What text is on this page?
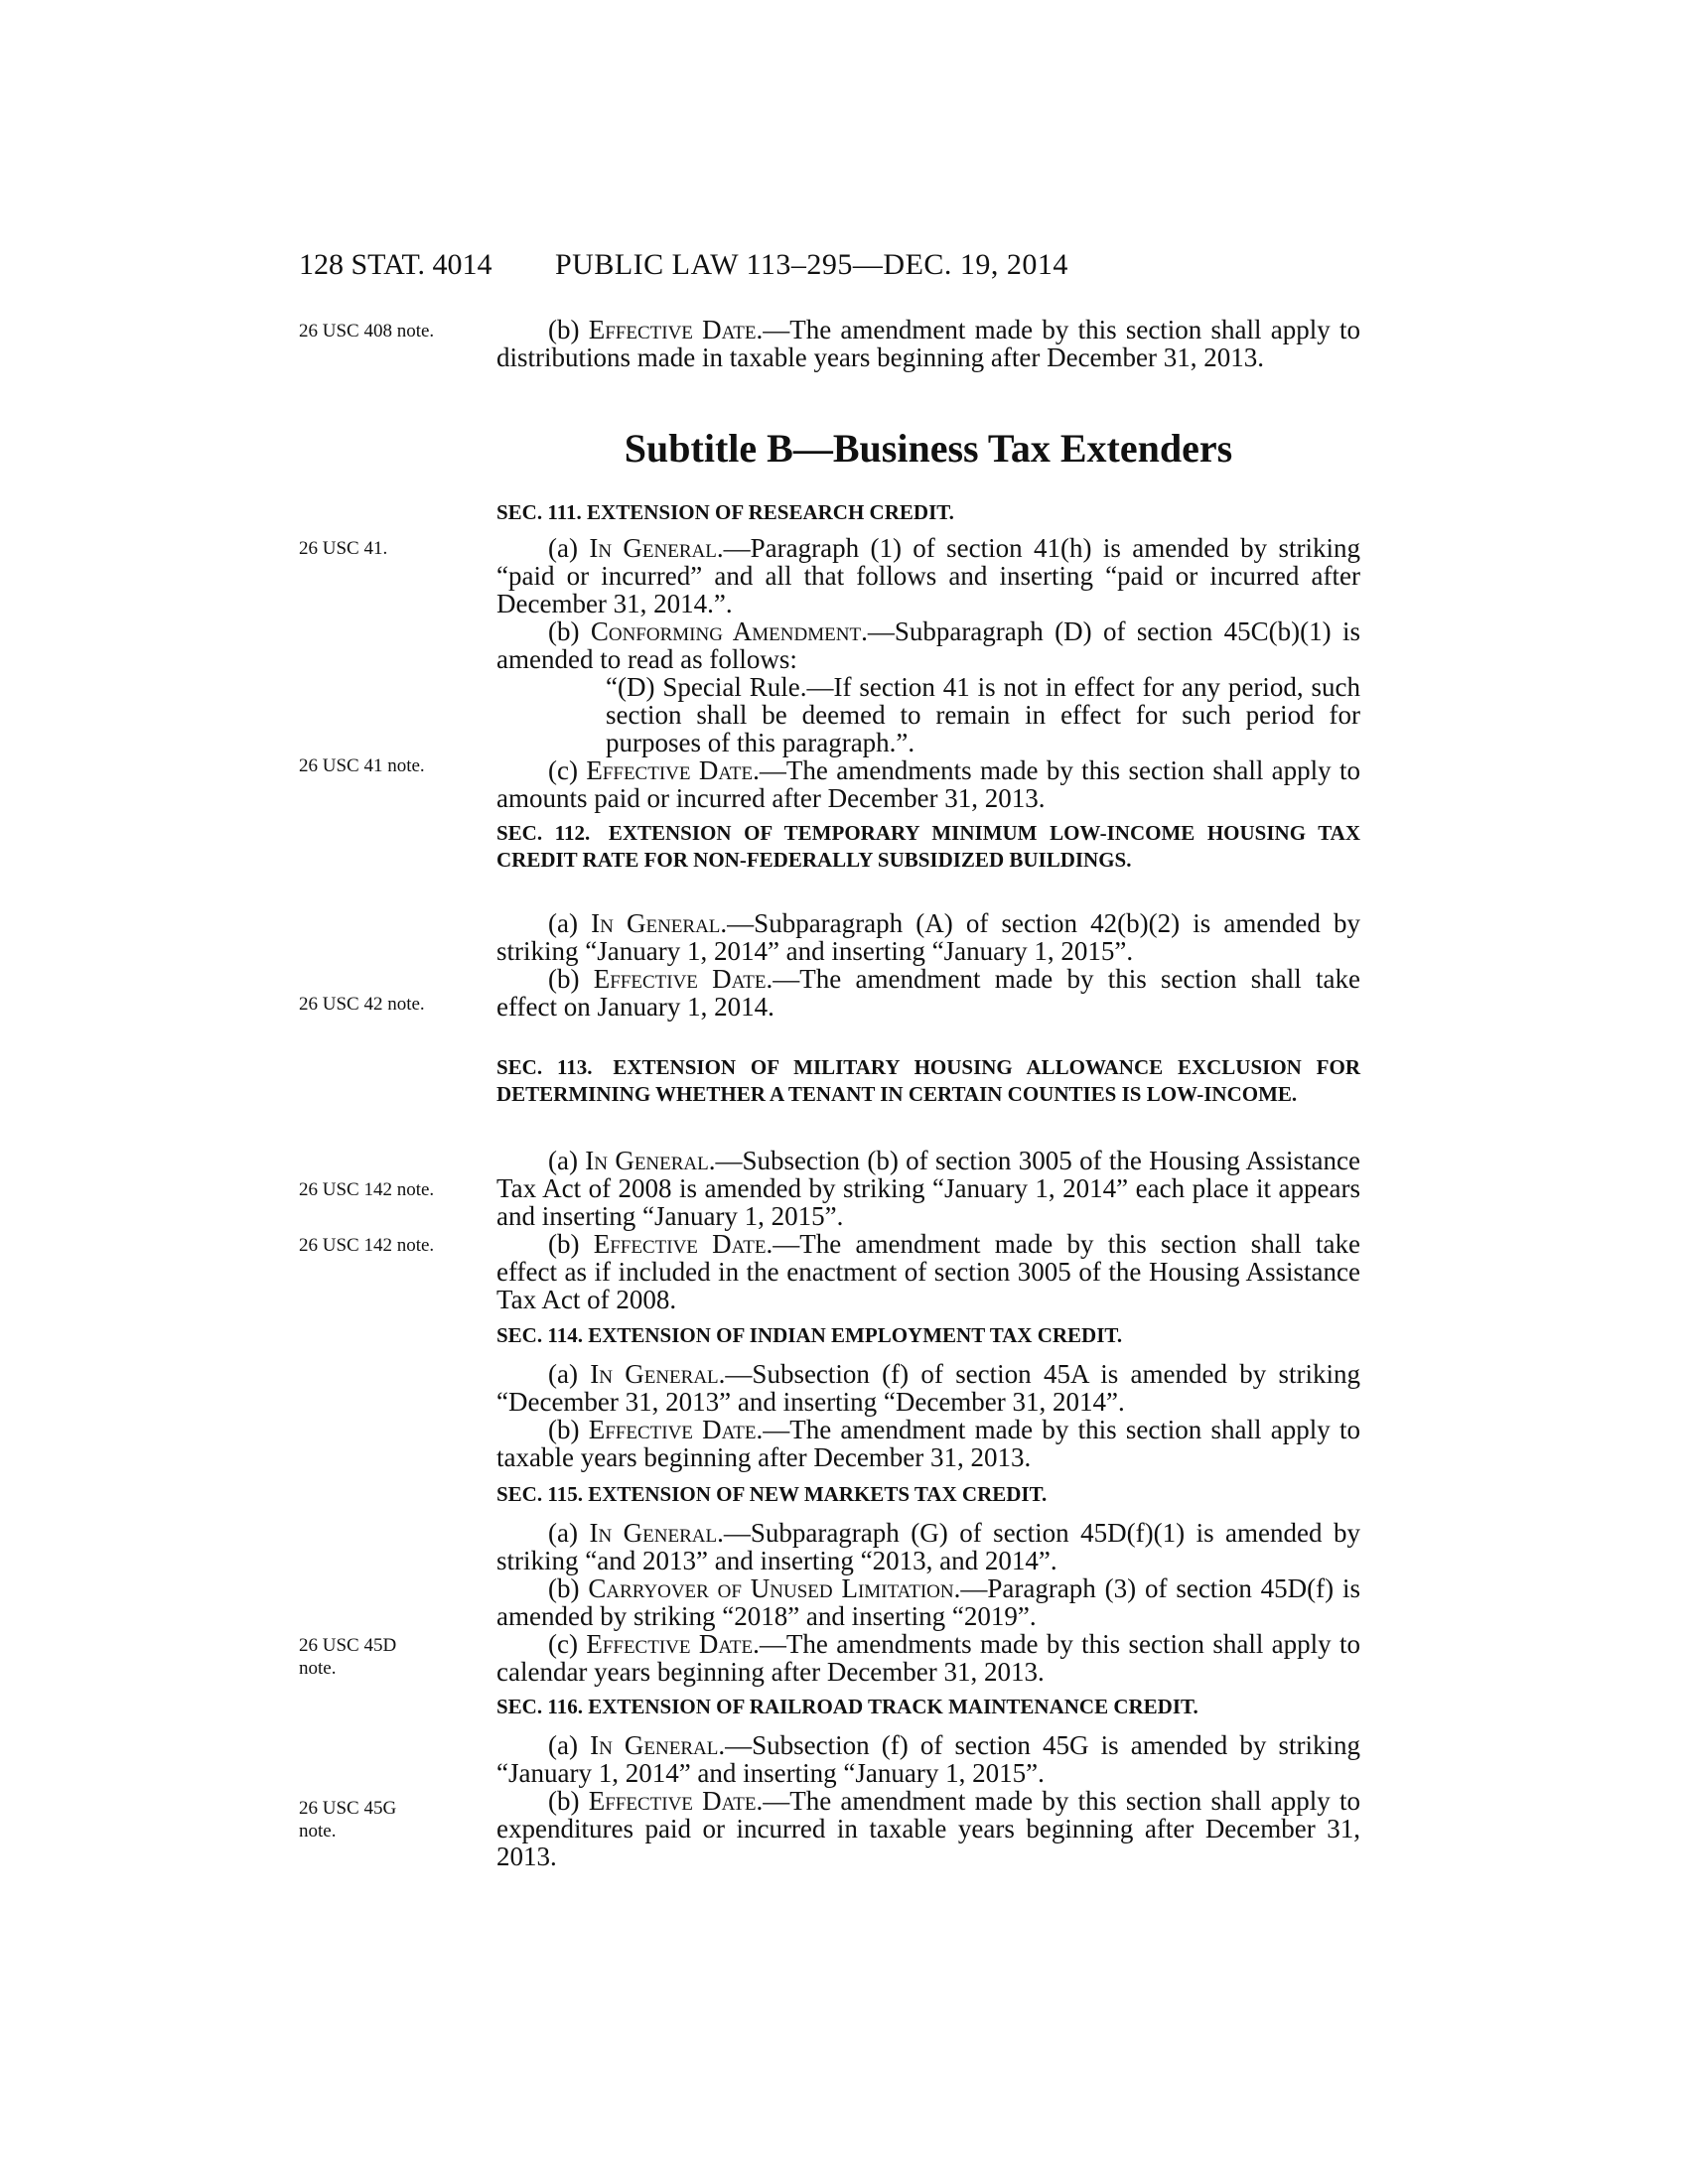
128 STAT. 4014 PUBLIC LAW 113–295—DEC. 19, 2014
26 USC 408 note.
26 USC 41.
26 USC 41 note.
26 USC 42 note.
26 USC 142 note.
26 USC 142 note.
26 USC 45D
note.
26 USC 45G
note.

(b) Effective Date.—The amendment made by this section shall apply to distributions made in taxable years beginning after December 31, 2013.

Subtitle B—Business Tax Extenders
SEC. 111. EXTENSION OF RESEARCH CREDIT.

(a) In General.—Paragraph (1) of section 41(h) is amended by striking “paid or incurred” and all that follows and inserting “paid or incurred after December 31, 2014.”.

(b) Conforming Amendment.—Subparagraph (D) of section 45C(b)(1) is amended to read as follows:

“(D) Special Rule.—If section 41 is not in effect for any period, such section shall be deemed to remain in effect for such period for purposes of this paragraph.”.

(c) Effective Date.—The amendments made by this section shall apply to amounts paid or incurred after December 31, 2013.

SEC. 112. EXTENSION OF TEMPORARY MINIMUM LOW-INCOME HOUSING TAX CREDIT RATE FOR NON-FEDERALLY SUBSIDIZED BUILDINGS.

(a) In General.—Subparagraph (A) of section 42(b)(2) is amended by striking “January 1, 2014” and inserting “January 1, 2015”.

(b) Effective Date.—The amendment made by this section shall take effect on January 1, 2014.

SEC. 113. EXTENSION OF MILITARY HOUSING ALLOWANCE EXCLUSION FOR DETERMINING WHETHER A TENANT IN CERTAIN COUNTIES IS LOW-INCOME.

(a) In General.—Subsection (b) of section 3005 of the Housing Assistance Tax Act of 2008 is amended by striking “January 1, 2014” each place it appears and inserting “January 1, 2015”.

(b) Effective Date.—The amendment made by this section shall take effect as if included in the enactment of section 3005 of the Housing Assistance Tax Act of 2008.

SEC. 114. EXTENSION OF INDIAN EMPLOYMENT TAX CREDIT.

(a) In General.—Subsection (f) of section 45A is amended by striking “December 31, 2013” and inserting “December 31, 2014”.

(b) Effective Date.—The amendment made by this section shall apply to taxable years beginning after December 31, 2013.

SEC. 115. EXTENSION OF NEW MARKETS TAX CREDIT.

(a) In General.—Subparagraph (G) of section 45D(f)(1) is amended by striking “and 2013” and inserting “2013, and 2014”.

(b) Carryover of Unused Limitation.—Paragraph (3) of section 45D(f) is amended by striking “2018” and inserting “2019”.

(c) Effective Date.—The amendments made by this section shall apply to calendar years beginning after December 31, 2013.

SEC. 116. EXTENSION OF RAILROAD TRACK MAINTENANCE CREDIT.

(a) In General.—Subsection (f) of section 45G is amended by striking “January 1, 2014” and inserting “January 1, 2015”.

(b) Effective Date.—The amendment made by this section shall apply to expenditures paid or incurred in taxable years beginning after December 31, 2013.
